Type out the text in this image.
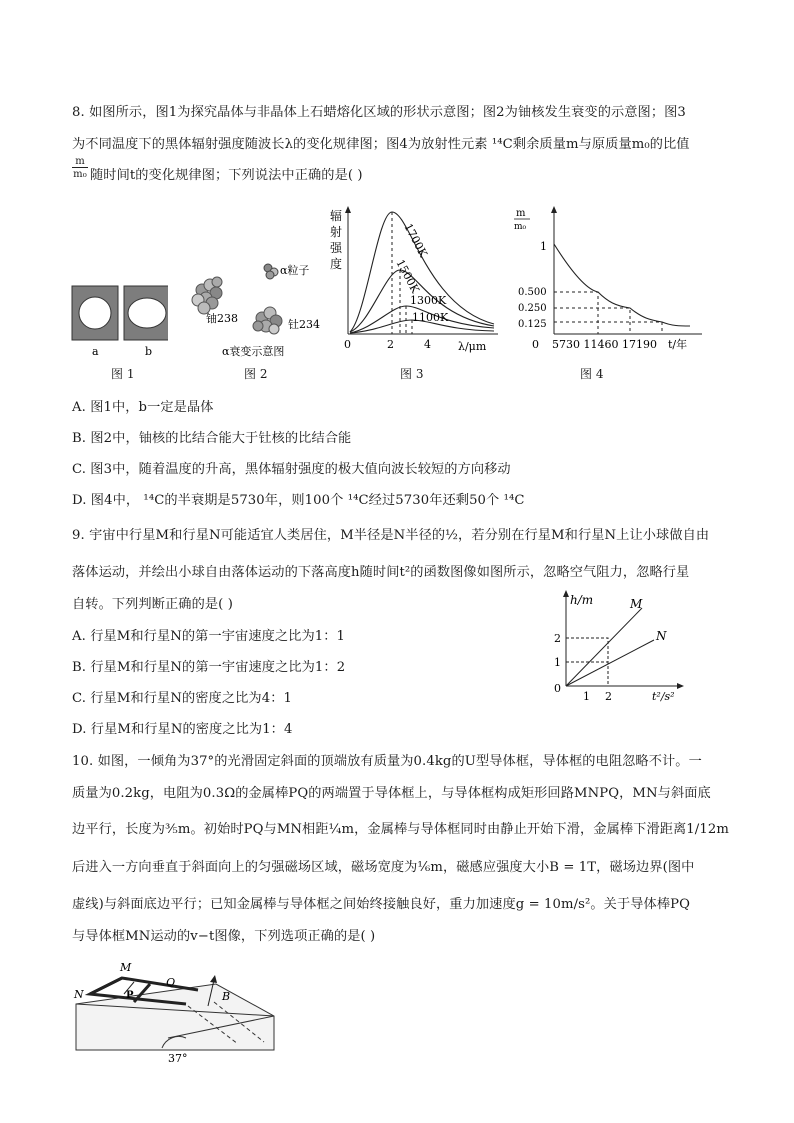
8. 如图所示，图1为探究晶体与非晶体上石蜡熔化区域的形状示意图；图2为铀核发生衰变的示意图；图3
为不同温度下的黑体辐射强度随波长λ的变化规律图；图4为放射性元素 ¹⁴C剩余质量m与原质量m₀的比值
m
m₀ 随时间t的变化规律图；下列说法中正确的是( )
a	b
图 1
铀238
α粒子
钍234
α衰变示意图
图 2
辐
射
强
度
1700K
1500K
1300K
1100K
0	2	4 λ/μm
图 3
m
m₀
1
0.500
0.250
0.125
0 5730 11460 17190 t/年
图 4
A. 图1中，b一定是晶体
B. 图2中，铀核的比结合能大于钍核的比结合能
C. 图3中，随着温度的升高，黑体辐射强度的极大值向波长较短的方向移动
D. 图4中， ¹⁴C的半衰期是5730年，则100个 ¹⁴C经过5730年还剩50个 ¹⁴C
9. 宇宙中行星M和行星N可能适宜人类居住，M半径是N半径的½，若分别在行星M和行星N上让小球做自由
落体运动，并绘出小球自由落体运动的下落高度h随时间t²的函数图像如图所示，忽略空气阻力，忽略行星
自转。下列判断正确的是( )
A. 行星M和行星N的第一宇宙速度之比为1：1
B. 行星M和行星N的第一宇宙速度之比为1：2
C. 行星M和行星N的密度之比为4：1
D. 行星M和行星N的密度之比为1：4
h/m	M
N
2
1
0
1 2	t²/s²
10. 如图，一倾角为37°的光滑固定斜面的顶端放有质量为0.4kg的U型导体框，导体框的电阻忽略不计。一
质量为0.2kg，电阻为0.3Ω的金属棒PQ的两端置于导体框上，与导体框构成矩形回路MNPQ，MN与斜面底
边平行，长度为⅗m。初始时PQ与MN相距¼m，金属棒与导体框同时由静止开始下滑，金属棒下滑距离1/12m
后进入一方向垂直于斜面向上的匀强磁场区域，磁场宽度为⅙m，磁感应强度大小B = 1T，磁场边界(图中
虚线)与斜面底边平行；已知金属棒与导体框之间始终接触良好，重力加速度g = 10m/s²。关于导体棒PQ
与导体框MN运动的v−t图像，下列选项正确的是( )
P
M
N
Q
B
37°
